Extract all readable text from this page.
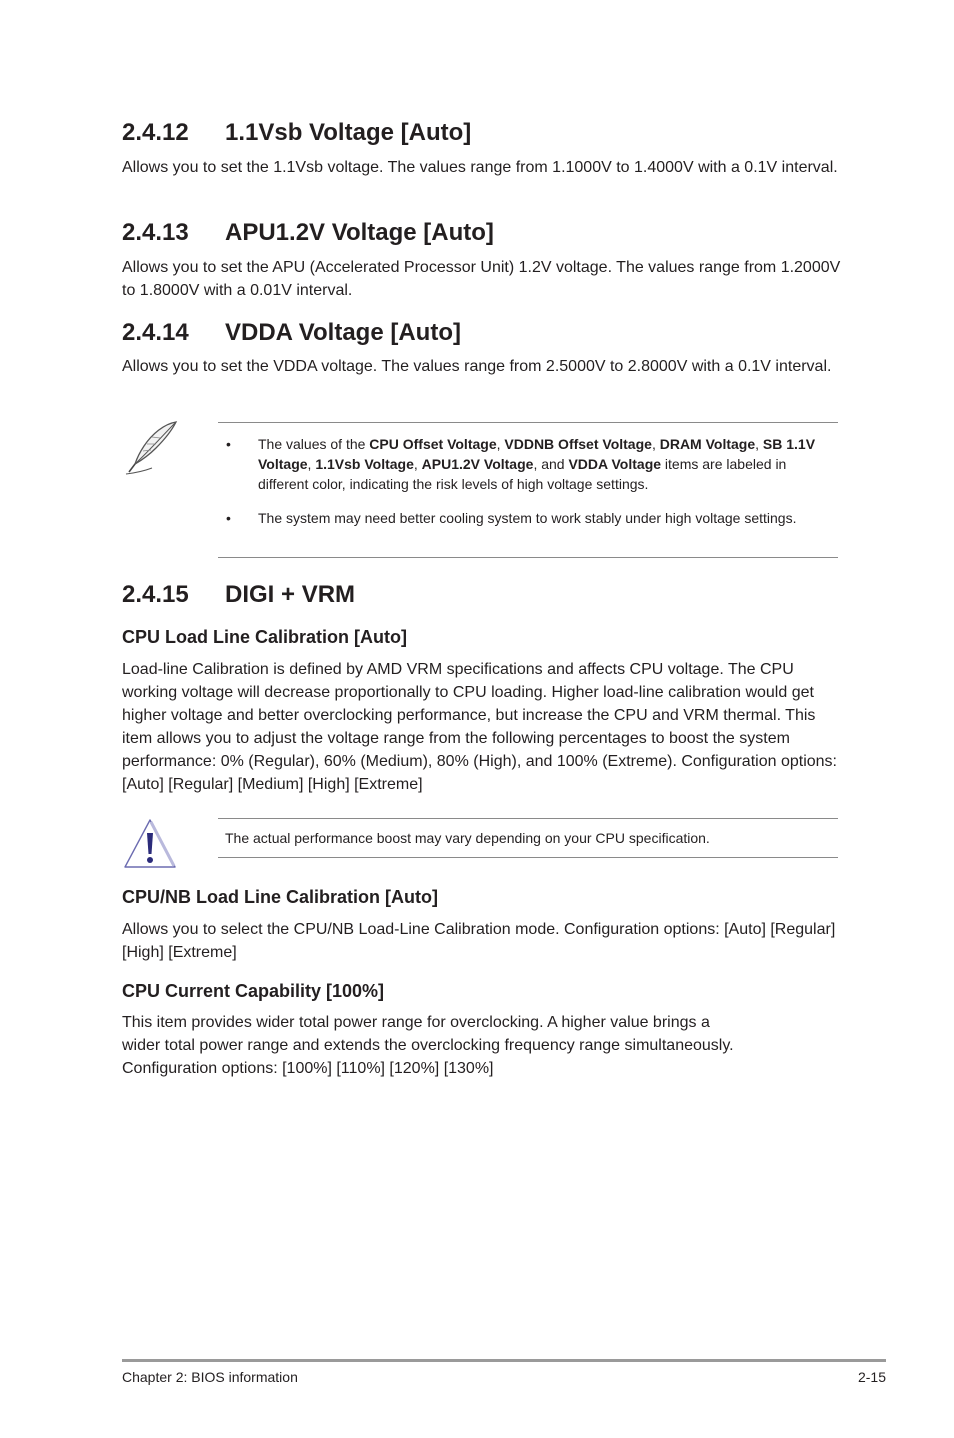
2.4.12 1.1Vsb Voltage [Auto]

Allows you to set the 1.1Vsb voltage. The values range from 1.1000V to 1.4000V with a 0.1V interval.

2.4.13 APU1.2V Voltage [Auto]

Allows you to set the APU (Accelerated Processor Unit) 1.2V voltage. The values range from 1.2000V to 1.8000V with a 0.01V interval.

2.4.14 VDDA Voltage [Auto]

Allows you to set the VDDA voltage. The values range from 2.5000V to 2.8000V with a 0.1V interval.

• The values of the CPU Offset Voltage, VDDNB Offset Voltage, DRAM Voltage, SB 1.1V Voltage, 1.1Vsb Voltage, APU1.2V Voltage, and VDDA Voltage items are labeled in different color, indicating the risk levels of high voltage settings.
• The system may need better cooling system to work stably under high voltage settings.
2.4.15 DIGI + VRM
CPU Load Line Calibration [Auto]

Load-line Calibration is defined by AMD VRM specifications and affects CPU voltage. The CPU working voltage will decrease proportionally to CPU loading. Higher load-line calibration would get higher voltage and better overclocking performance, but increase the CPU and VRM thermal. This item allows you to adjust the voltage range from the following percentages to boost the system performance: 0% (Regular), 60% (Medium), 80% (High), and 100% (Extreme). Configuration options: [Auto] [Regular] [Medium] [High] [Extreme]

The actual performance boost may vary depending on your CPU specification.

CPU/NB Load Line Calibration [Auto]

Allows you to select the CPU/NB Load-Line Calibration mode. Configuration options: [Auto] [Regular] [High] [Extreme]

CPU Current Capability [100%]
This item provides wider total power range for overclocking. A higher value brings a
wider total power range and extends the overclocking frequency range simultaneously.
Configuration options: [100%] [110%] [120%] [130%]
Chapter 2: BIOS information	2-15
